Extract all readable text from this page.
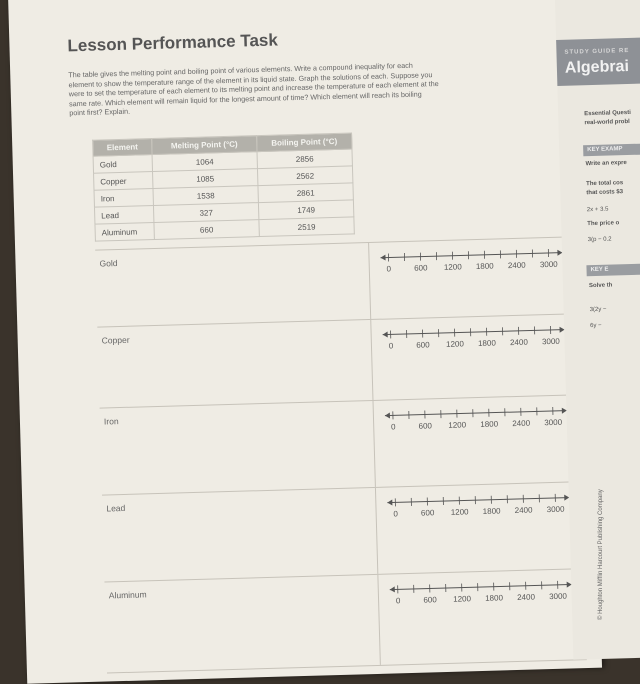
Lesson Performance Task
The table gives the melting point and boiling point of various elements. Write a compound inequality for each element to show the temperature range of the element in its liquid state. Graph the solutions of each. Suppose you were to set the temperature of each element to its melting point and increase the temperature of each element at the same rate. Which element will remain liquid for the longest amount of time? Which element will reach its boiling point first? Explain.
Element	Melting Point (°C)	Boiling Point (°C)
Gold	1064	2856
Copper	1085	2562
Iron	1538	2861
Lead	327	1749
Aluminum	660	2519
Gold
0	600 1200 1800 2400 3000
Copper
0	600 1200 1800 2400 3000
Iron
0	600 1200 1800 2400 3000
Lead
0	600 1200 1800 2400 3000
Aluminum
0	600 1200 1800 2400 3000
STUDY GUIDE RE
Algebrai
Essential Questi
real-world probl
KEY EXAMP
Write an expre
The total cos
that costs $3
2x + 3.5
The price o
3(p − 0.2
KEY E
Solve th
3(2y −
6y −
© Houghton Mifflin Harcourt Publishing Company
